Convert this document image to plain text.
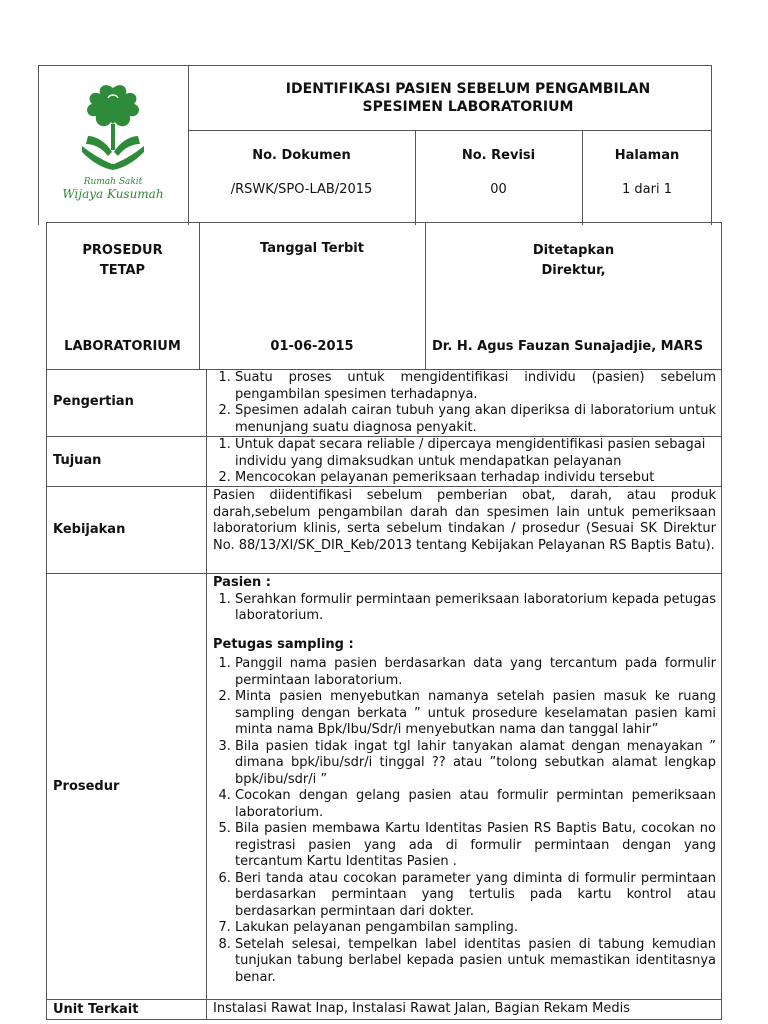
Rumah Sakit
Wijaya Kusumah
IDENTIFIKASI PASIEN SEBELUM PENGAMBILAN
SPESIMEN LABORATORIUM
No. Dokumen
/RSWK/SPO-LAB/2015
No. Revisi
00
Halaman
1 dari 1
PROSEDUR
TETAP
LABORATORIUM
Tanggal Terbit
01-06-2015
Ditetapkan
Direktur,
Dr. H. Agus Fauzan Sunajadjie, MARS
Pengertian
1. Suatu proses untuk mengidentifikasi individu (pasien) sebelum pengambilan spesimen terhadapnya.
2. Spesimen adalah cairan tubuh yang akan diperiksa di laboratorium untuk menunjang suatu diagnosa penyakit.
Tujuan
1. Untuk dapat secara reliable / dipercaya mengidentifikasi pasien sebagai individu yang dimaksudkan untuk mendapatkan pelayanan
2. Mencocokan pelayanan pemeriksaan terhadap individu tersebut
Kebijakan
Pasien diidentifikasi sebelum pemberian obat, darah, atau produk darah,sebelum pengambilan darah dan spesimen lain untuk pemeriksaan laboratorium klinis, serta sebelum tindakan / prosedur (Sesuai SK Direktur No. 88/13/XI/SK_DIR_Keb/2013 tentang Kebijakan Pelayanan RS Baptis Batu).
Prosedur
Pasien :
1. Serahkan formulir permintaan pemeriksaan laboratorium kepada petugas laboratorium.
Petugas sampling :
1. Panggil nama pasien berdasarkan data yang tercantum pada formulir permintaan laboratorium.
2. Minta pasien menyebutkan namanya setelah pasien masuk ke ruang sampling dengan berkata ” untuk prosedure keselamatan pasien kami minta nama Bpk/Ibu/Sdr/i menyebutkan nama dan tanggal lahir”
3. Bila pasien tidak ingat tgl lahir tanyakan alamat dengan menayakan ” dimana bpk/ibu/sdr/i tinggal ?? atau ”tolong sebutkan alamat lengkap bpk/ibu/sdr/i ”
4. Cocokan dengan gelang pasien atau formulir permintan pemeriksaan laboratorium.
5. Bila pasien membawa Kartu Identitas Pasien RS Baptis Batu, cocokan no registrasi pasien yang ada di formulir permintaan dengan yang tercantum Kartu Identitas Pasien .
6. Beri tanda atau cocokan parameter yang diminta di formulir permintaan berdasarkan permintaan yang tertulis pada kartu kontrol atau berdasarkan permintaan dari dokter.
7. Lakukan pelayanan pengambilan sampling.
8. Setelah selesai, tempelkan label identitas pasien di tabung kemudian tunjukan tabung berlabel kepada pasien untuk memastikan identitasnya benar.
Unit Terkait	Instalasi Rawat Inap, Instalasi Rawat Jalan, Bagian Rekam Medis
